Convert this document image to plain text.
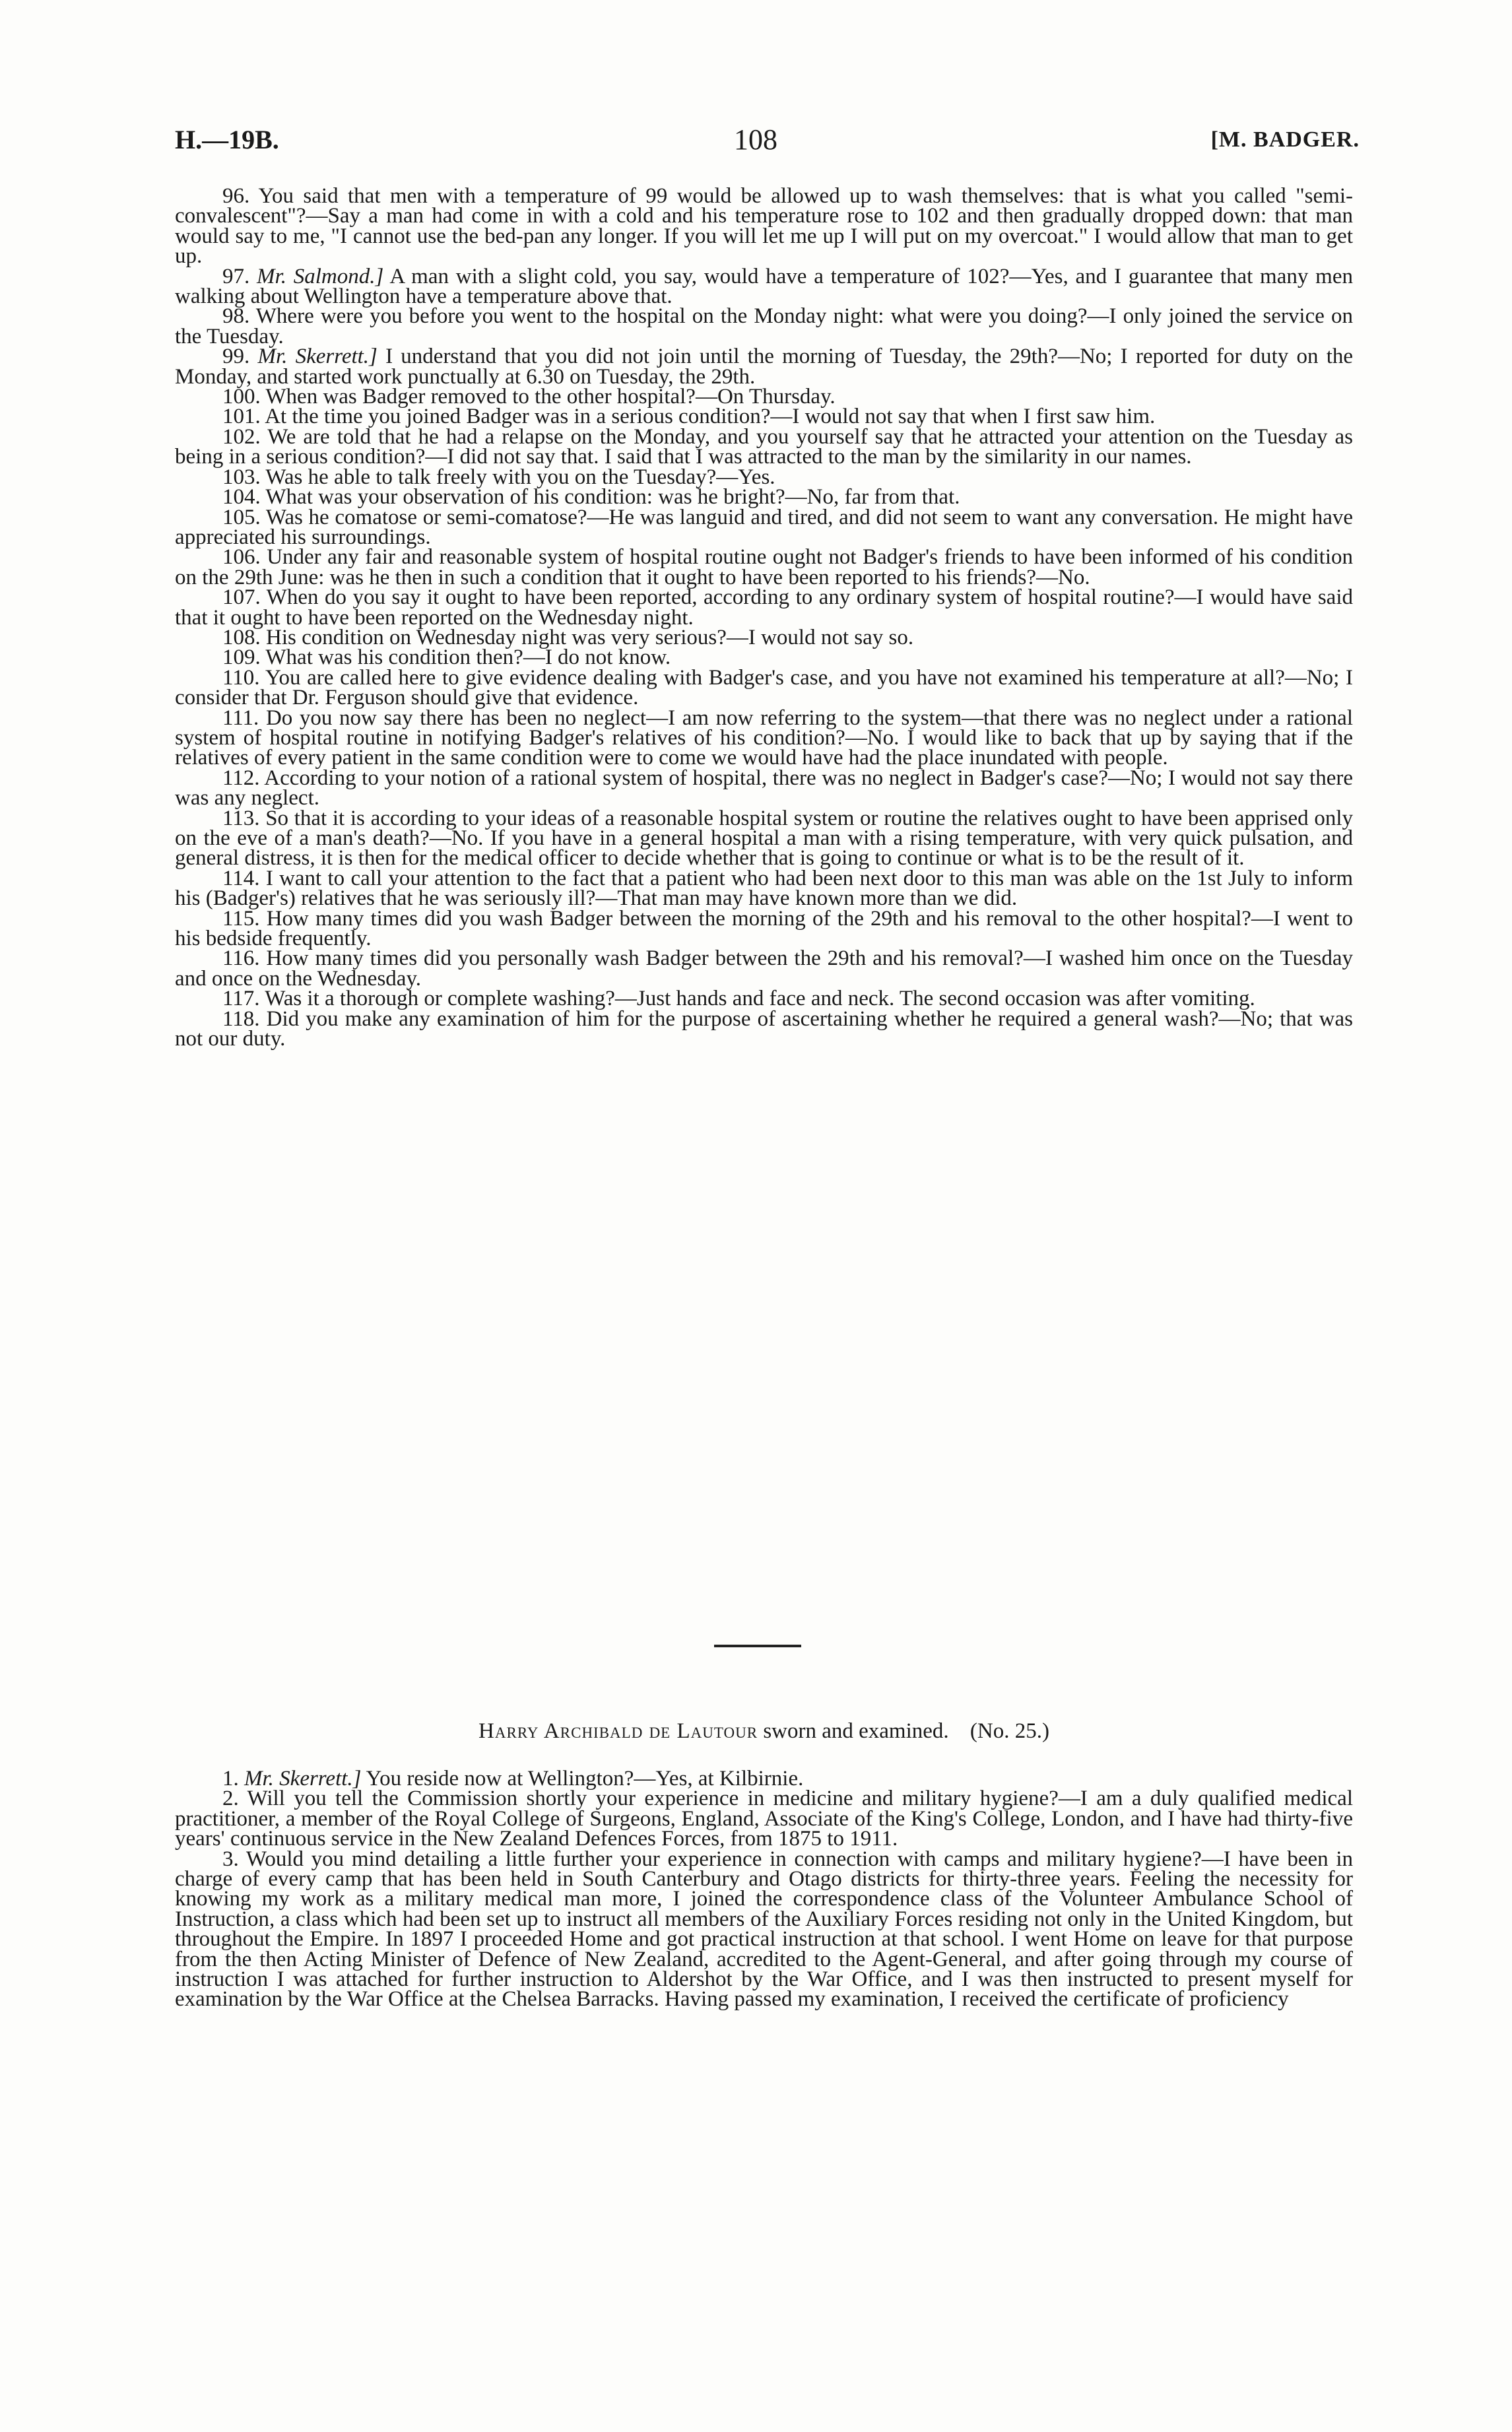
H.—19B.	108	[M. BADGER.

96. You said that men with a temperature of 99 would be allowed up to wash themselves: that is what you called "semi-convalescent"?—Say a man had come in with a cold and his temperature rose to 102 and then gradually dropped down: that man would say to me, "I cannot use the bed-pan any longer. If you will let me up I will put on my overcoat." I would allow that man to get up.

97. Mr. Salmond.] A man with a slight cold, you say, would have a temperature of 102?—Yes, and I guarantee that many men walking about Wellington have a temperature above that.

98. Where were you before you went to the hospital on the Monday night: what were you doing?—I only joined the service on the Tuesday.

99. Mr. Skerrett.] I understand that you did not join until the morning of Tuesday, the 29th?—No; I reported for duty on the Monday, and started work punctually at 6.30 on Tuesday, the 29th.

100. When was Badger removed to the other hospital?—On Thursday.

101. At the time you joined Badger was in a serious condition?—I would not say that when I first saw him.

102. We are told that he had a relapse on the Monday, and you yourself say that he attracted your attention on the Tuesday as being in a serious condition?—I did not say that. I said that I was attracted to the man by the similarity in our names.

103. Was he able to talk freely with you on the Tuesday?—Yes.

104. What was your observation of his condition: was he bright?—No, far from that.

105. Was he comatose or semi-comatose?—He was languid and tired, and did not seem to want any conversation. He might have appreciated his surroundings.

106. Under any fair and reasonable system of hospital routine ought not Badger's friends to have been informed of his condition on the 29th June: was he then in such a condition that it ought to have been reported to his friends?—No.

107. When do you say it ought to have been reported, according to any ordinary system of hospital routine?—I would have said that it ought to have been reported on the Wednesday night.

108. His condition on Wednesday night was very serious?—I would not say so.

109. What was his condition then?—I do not know.

110. You are called here to give evidence dealing with Badger's case, and you have not examined his temperature at all?—No; I consider that Dr. Ferguson should give that evidence.

111. Do you now say there has been no neglect—I am now referring to the system—that there was no neglect under a rational system of hospital routine in notifying Badger's relatives of his condition?—No. I would like to back that up by saying that if the relatives of every patient in the same condition were to come we would have had the place inundated with people.

112. According to your notion of a rational system of hospital, there was no neglect in Badger's case?—No; I would not say there was any neglect.

113. So that it is according to your ideas of a reasonable hospital system or routine the relatives ought to have been apprised only on the eve of a man's death?—No. If you have in a general hospital a man with a rising temperature, with very quick pulsation, and general distress, it is then for the medical officer to decide whether that is going to continue or what is to be the result of it.

114. I want to call your attention to the fact that a patient who had been next door to this man was able on the 1st July to inform his (Badger's) relatives that he was seriously ill?—That man may have known more than we did.

115. How many times did you wash Badger between the morning of the 29th and his removal to the other hospital?—I went to his bedside frequently.

116. How many times did you personally wash Badger between the 29th and his removal?—I washed him once on the Tuesday and once on the Wednesday.

117. Was it a thorough or complete washing?—Just hands and face and neck. The second occasion was after vomiting.

118. Did you make any examination of him for the purpose of ascertaining whether he required a general wash?—No; that was not our duty.

Harry Archibald de Lautour sworn and examined. (No. 25.)

1. Mr. Skerrett.] You reside now at Wellington?—Yes, at Kilbirnie.

2. Will you tell the Commission shortly your experience in medicine and military hygiene?—I am a duly qualified medical practitioner, a member of the Royal College of Surgeons, England, Associate of the King's College, London, and I have had thirty-five years' continuous service in the New Zealand Defences Forces, from 1875 to 1911.

3. Would you mind detailing a little further your experience in connection with camps and military hygiene?—I have been in charge of every camp that has been held in South Canterbury and Otago districts for thirty-three years. Feeling the necessity for knowing my work as a military medical man more, I joined the correspondence class of the Volunteer Ambulance School of Instruction, a class which had been set up to instruct all members of the Auxiliary Forces residing not only in the United Kingdom, but throughout the Empire. In 1897 I proceeded Home and got practical instruction at that school. I went Home on leave for that purpose from the then Acting Minister of Defence of New Zealand, accredited to the Agent-General, and after going through my course of instruction I was attached for further instruction to Aldershot by the War Office, and I was then instructed to present myself for examination by the War Office at the Chelsea Barracks. Having passed my examination, I received the certificate of proficiency
